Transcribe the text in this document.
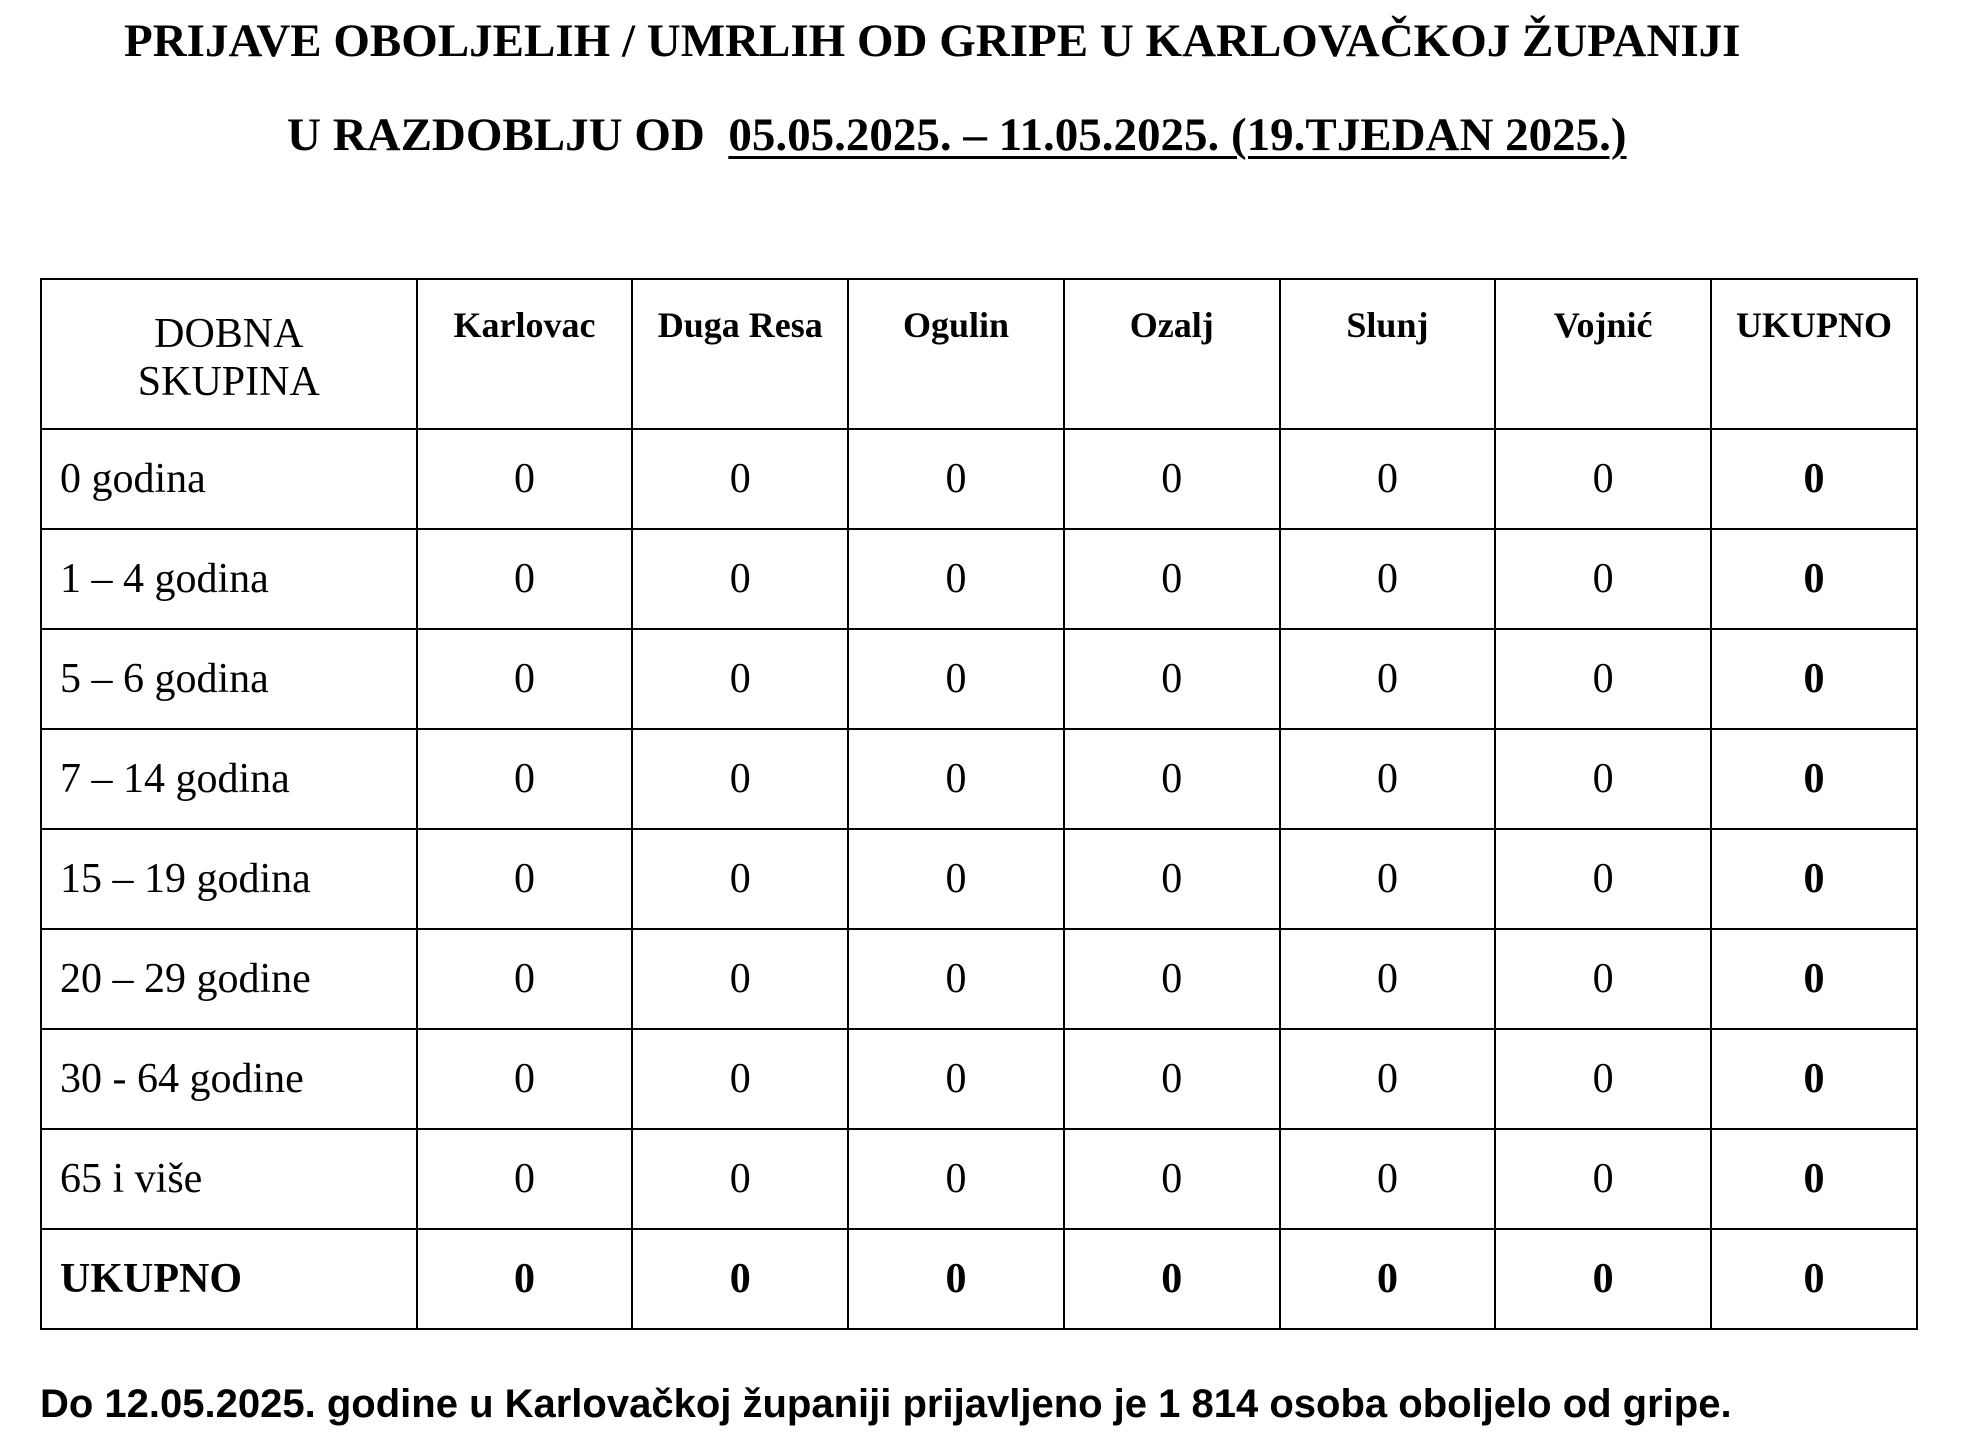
PRIJAVE OBOLJELIH / UMRLIH OD GRIPE U KARLOVAČKOJ ŽUPANIJI
U RAZDOBLJU OD 05.05.2025. – 11.05.2025. (19.TJEDAN 2025.)
DOBNA
SKUPINA	Karlovac	Duga Resa	Ogulin	Ozalj	Slunj	Vojnić	UKUPNO
0 godina	0	0	0	0	0	0	0
1 – 4 godina	0	0	0	0	0	0	0
5 – 6 godina	0	0	0	0	0	0	0
7 – 14 godina	0	0	0	0	0	0	0
15 – 19 godina	0	0	0	0	0	0	0
20 – 29 godine	0	0	0	0	0	0	0
30 - 64 godine	0	0	0	0	0	0	0
65 i više	0	0	0	0	0	0	0
UKUPNO	0	0	0	0	0	0	0
Do 12.05.2025. godine u Karlovačkoj županiji prijavljeno je 1 814 osoba oboljelo od gripe.
